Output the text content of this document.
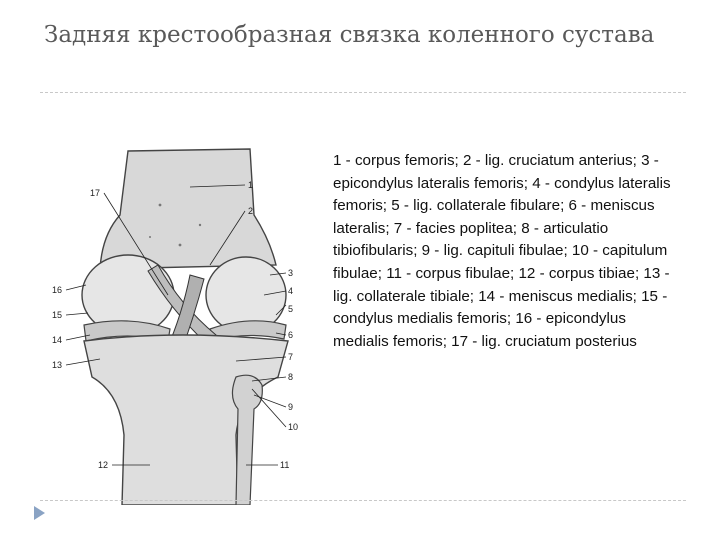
Задняя крестообразная связка коленного сустава
1
2
3
4
5
6
7
8
9
10
11
12
13
14
15
16
17

1 - corpus femoris; 2 - lig. cruciatum anterius; 3 - epicondylus lateralis femoris; 4 - condylus lateralis femoris; 5 - lig. collaterale fibulare; 6 - meniscus lateralis; 7 - facies poplitea; 8 - articulatio tibiofibularis; 9 - lig. capituli fibulae; 10 - capitulum fibulae; 11 - corpus fibulae; 12 - corpus tibiae; 13 - lig. collaterale tibiale; 14 - meniscus medialis; 15 - condylus medialis femoris; 16 - epicondylus medialis femoris; 17 - lig. cruciatum posterius
